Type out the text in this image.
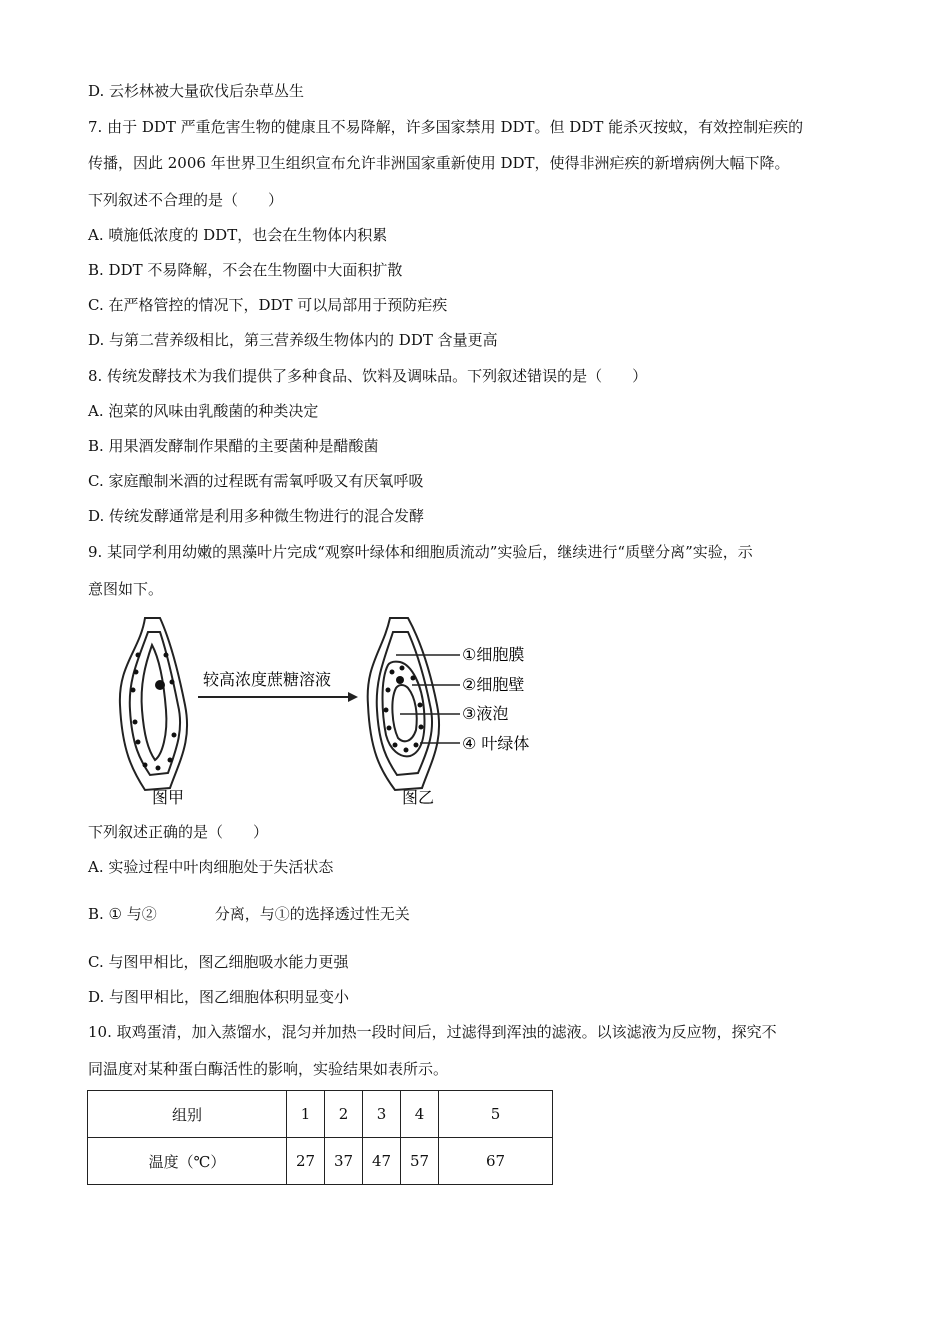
D. 云杉林被大量砍伐后杂草丛生
7. 由于 DDT 严重危害生物的健康且不易降解，许多国家禁用 DDT。但 DDT 能杀灭按蚊，有效控制疟疾的
传播，因此 2006 年世界卫生组织宣布允许非洲国家重新使用 DDT，使得非洲疟疾的新增病例大幅下降。
下列叙述不合理的是（　　）
A. 喷施低浓度的 DDT，也会在生物体内积累
B. DDT 不易降解，不会在生物圈中大面积扩散
C. 在严格管控的情况下，DDT 可以局部用于预防疟疾
D. 与第二营养级相比，第三营养级生物体内的 DDT 含量更高
8. 传统发酵技术为我们提供了多种食品、饮料及调味品。下列叙述错误的是（　　）
A. 泡菜的风味由乳酸菌的种类决定
B. 用果酒发酵制作果醋的主要菌种是醋酸菌
C. 家庭酿制米酒的过程既有需氧呼吸又有厌氧呼吸
D. 传统发酵通常是利用多种微生物进行的混合发酵
9. 某同学利用幼嫩的黑藻叶片完成“观察叶绿体和细胞质流动”实验后，继续进行“质壁分离”实验，示
意图如下。
较高浓度蔗糖溶液
①细胞膜
②细胞壁
③液泡
④ 叶绿体
图甲	图乙
下列叙述正确的是（　　）
A. 实验过程中叶肉细胞处于失活状态
B. ① 与②	分离，与①的选择透过性无关
C. 与图甲相比，图乙细胞吸水能力更强
D. 与图甲相比，图乙细胞体积明显变小
10. 取鸡蛋清，加入蒸馏水，混匀并加热一段时间后，过滤得到浑浊的滤液。以该滤液为反应物，探究不
同温度对某种蛋白酶活性的影响，实验结果如表所示。
组别	1	2	3	4	5
温度（℃）	27	37	47	57	67
